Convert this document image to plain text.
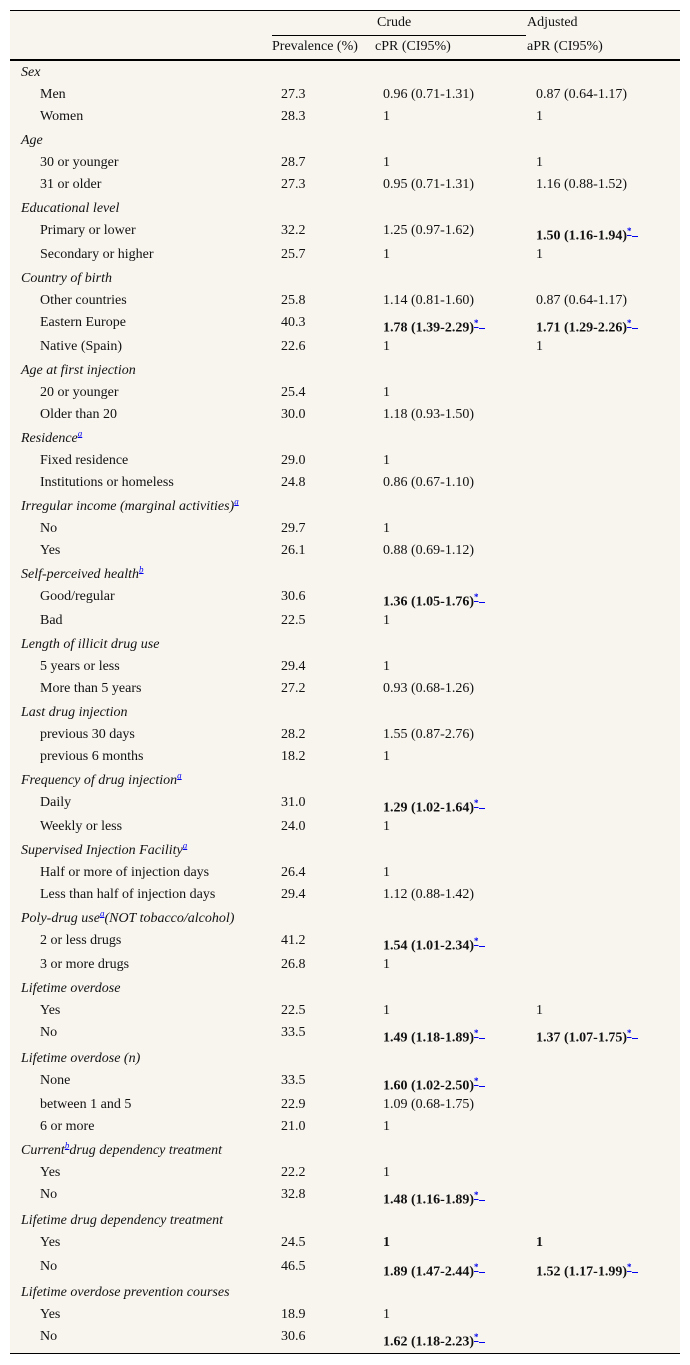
Crude	Adjusted
Prevalence (%) cPR (CI95%)	aPR (CI95%)
Sex
Men	27.3	0.96 (0.71-1.31)	0.87 (0.64-1.17)
Women	28.3	1	1
Age
30 or younger	28.7	1	1
31 or older	27.3	0.95 (0.71-1.31)	1.16 (0.88-1.52)
Educational level
Primary or lower	32.2	1.25 (0.97-1.62)	1.50 (1.16-1.94)*
Secondary or higher	25.7	1	1
Country of birth
Other countries	25.8	1.14 (0.81-1.60)	0.87 (0.64-1.17)
Eastern Europe	40.3	1.78 (1.39-2.29)*	1.71 (1.29-2.26)*
Native (Spain)	22.6	1	1
Age at first injection
20 or younger	25.4	1
Older than 20	30.0	1.18 (0.93-1.50)
Residence$^a$
Fixed residence	29.0	1
Institutions or homeless	24.8	0.86 (0.67-1.10)
Irregular income (marginal activities)$^a$
No	29.7	1
Yes	26.1	0.88 (0.69-1.12)
Self-perceived health$^b$
Good/regular	30.6	1.36 (1.05-1.76)*
Bad	22.5	1
Length of illicit drug use
5 years or less	29.4	1
More than 5 years	27.2	0.93 (0.68-1.26)
Last drug injection
previous 30 days	28.2	1.55 (0.87-2.76)
previous 6 months	18.2	1
Frequency of drug injection$^a$
Daily	31.0	1.29 (1.02-1.64)*
Weekly or less	24.0	1
Supervised Injection Facility$^a$
Half or more of injection days	26.4	1
Less than half of injection days	29.4	1.12 (0.88-1.42)
Poly-drug use$^a$(NOT tobacco/alcohol)
2 or less drugs	41.2	1.54 (1.01-2.34)*
3 or more drugs	26.8	1
Lifetime overdose
Yes	22.5	1	1
No	33.5	1.49 (1.18-1.89)*	1.37 (1.07-1.75)*
Lifetime overdose (n)
None	33.5	1.60 (1.02-2.50)*
between 1 and 5	22.9	1.09 (0.68-1.75)
6 or more	21.0	1
Current$^b$drug dependency treatment
Yes	22.2	1
No	32.8	1.48 (1.16-1.89)*
Lifetime drug dependency treatment
Yes	24.5	1	1
No	46.5	1.89 (1.47-2.44)*	1.52 (1.17-1.99)*
Lifetime overdose prevention courses
Yes	18.9	1
No	30.6	1.62 (1.18-2.23)*
